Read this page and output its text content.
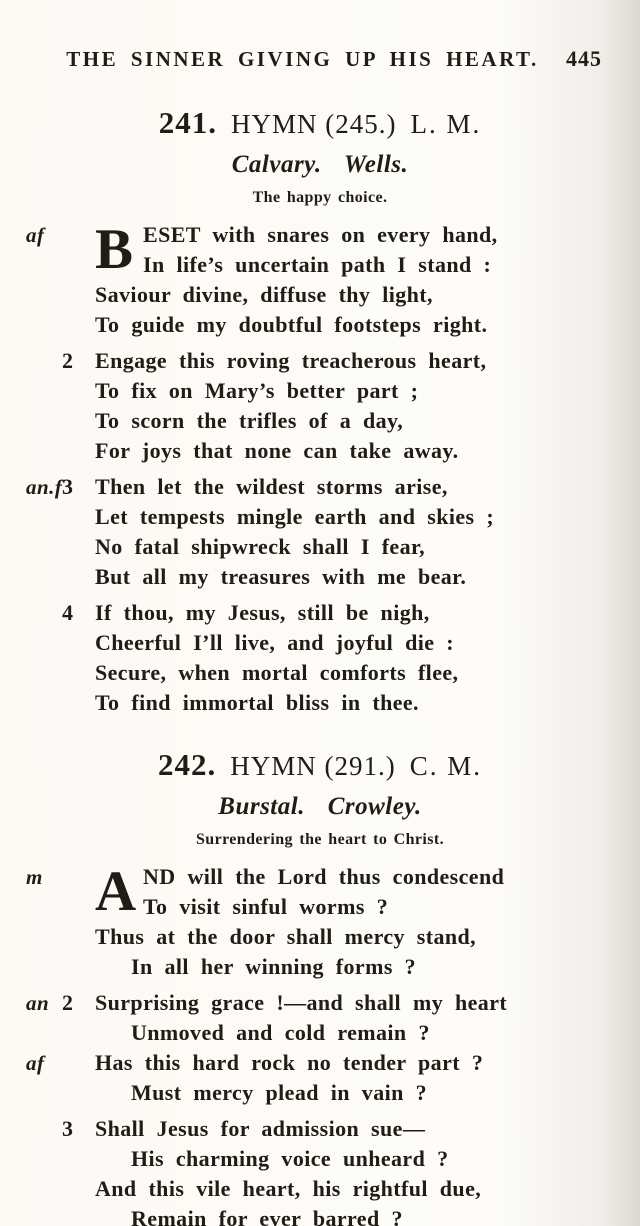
THE SINNER GIVING UP HIS HEART. 445
241. HYMN (245.) L. M.
Calvary. Wells.
The happy choice.
af B ESET with snares on every hand,
In life’s uncertain path I stand :
Saviour divine, diffuse thy light,
To guide my doubtful footsteps right.
2 Engage this roving treacherous heart,
To fix on Mary’s better part ;
To scorn the trifles of a day,
For joys that none can take away.
an.f 3 Then let the wildest storms arise,
Let tempests mingle earth and skies ;
No fatal shipwreck shall I fear,
But all my treasures with me bear.
4 If thou, my Jesus, still be nigh,
Cheerful I’ll live, and joyful die :
Secure, when mortal comforts flee,
To find immortal bliss in thee.
242. HYMN (291.) C. M.
Burstal. Crowley.
Surrendering the heart to Christ.
m A ND will the Lord thus condescend
To visit sinful worms ?
Thus at the door shall mercy stand,
In all her winning forms ?
an
af
2 Surprising grace !—and shall my heart
Unmoved and cold remain ?
Has this hard rock no tender part ?
Must mercy plead in vain ?
3 Shall Jesus for admission sue—
His charming voice unheard ?
And this vile heart, his rightful due,
Remain for ever barred ?
